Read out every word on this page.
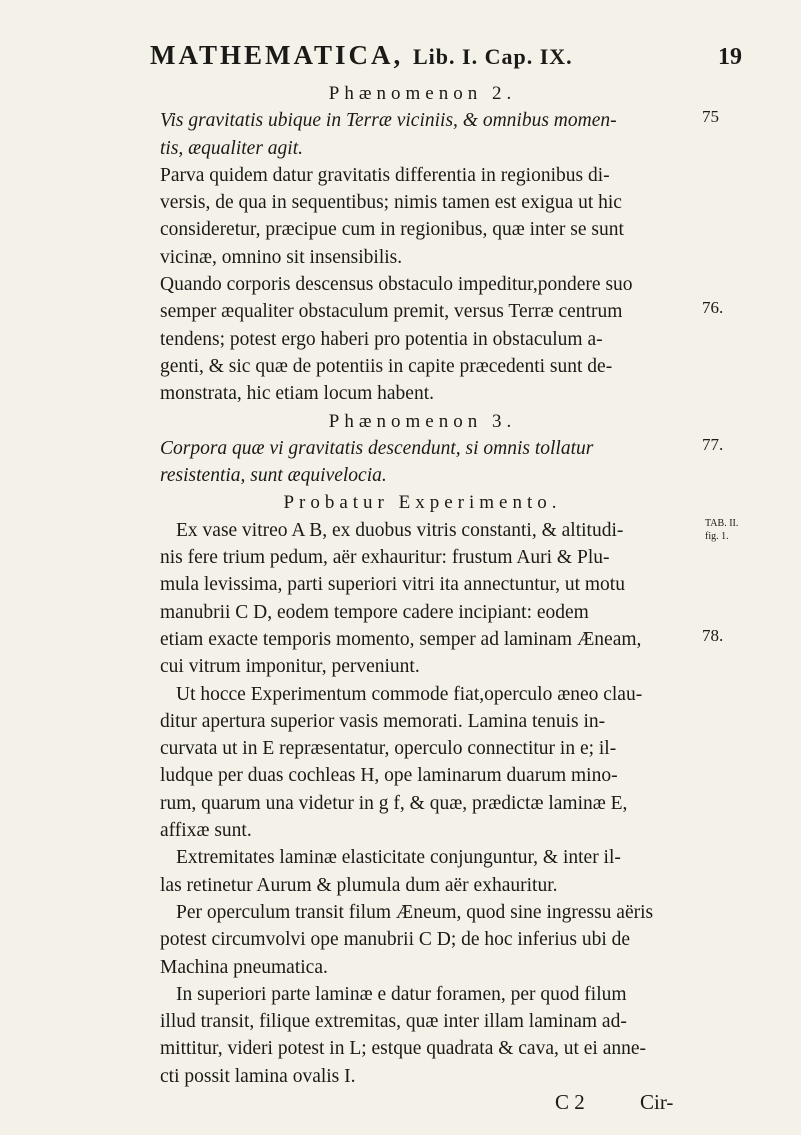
MATHEMATICA, Lib. I. Cap. IX.	19
Phænomenon 2.
Vis gravitatis ubique in Terræ viciniis, & omnibus momen-
tis, æqualiter agit.
Parva quidem datur gravitatis differentia in regionibus di-
versis, de qua in sequentibus; nimis tamen est exigua ut hic
consideretur, præcipue cum in regionibus, quæ inter se sunt
vicinæ, omnino sit insensibilis.
Quando corporis descensus obstaculo impeditur,pondere suo
semper æqualiter obstaculum premit, versus Terræ centrum
tendens; potest ergo haberi pro potentia in obstaculum a-
genti, & sic quæ de potentiis in capite præcedenti sunt de-
monstrata, hic etiam locum habent.
Phænomenon 3.
Corpora quæ vi gravitatis descendunt, si omnis tollatur
resistentia, sunt æquivelocia.
Probatur Experimento.
Ex vase vitreo A B, ex duobus vitris constanti, & altitudi-
nis fere trium pedum, aër exhauritur: frustum Auri & Plu-
mula levissima, parti superiori vitri ita anneсtuntur, ut motu
manubrii C D, eodem tempore cadere incipiant: eodem
etiam exacte temporis momento, semper ad laminam Æneam,
cui vitrum imponitur, perveniunt.
Ut hocce Experimentum commode fiat,operculo æneo clau-
ditur apertura superior vasis memorati. Lamina tenuis in-
curvata ut in E repræsentatur, operculo connectitur in e; il-
ludque per duas cochleas H, ope laminarum duarum mino-
rum, quarum una videtur in g f, & quæ, prædictæ laminæ E,
affixæ sunt.
Extremitates laminæ elasticitate conjunguntur, & inter il-
las retinetur Aurum & plumula dum aër exhauritur.
Per operculum transit filum Æneum, quod sine ingressu aëris
potest circumvolvi ope manubrii C D; de hoc inferius ubi de
Machina pneumatica.
In superiori parte laminæ e datur foramen, per quod filum
illud transit, filique extremitas, quæ inter illam laminam ad-
mittitur, videri potest in L; estque quadrata & cava, ut ei anne-
cti possit lamina ovalis I.
75
76.
77.
TAB. II.
fig. 1.
78.
C 2	Cir-
